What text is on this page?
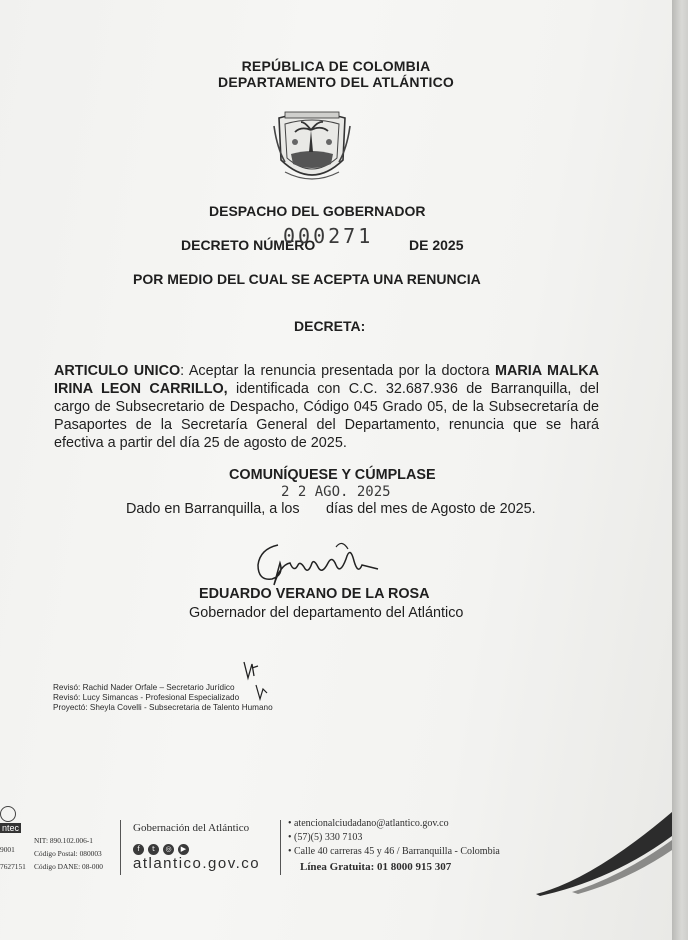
REPÚBLICA DE COLOMBIA
DEPARTAMENTO DEL ATLÁNTICO
DESPACHO DEL GOBERNADOR
DECRETO NÚMERO
000271	DE 2025
POR MEDIO DEL CUAL SE ACEPTA UNA RENUNCIA
DECRETA:
ARTICULO UNICO: Aceptar la renuncia presentada por la doctora MARIA MALKA IRINA LEON CARRILLO, identificada con C.C. 32.687.936 de Barranquilla, del cargo de Subsecretario de Despacho, Código 045 Grado 05, de la Subsecretaría de Pasaportes de la Secretaría General del Departamento, renuncia que se hará efectiva a partir del día 25 de agosto de 2025.
COMUNÍQUESE Y CÚMPLASE
2 2 AGO. 2025
Dado en Barranquilla, a los días del mes de Agosto de 2025.
EDUARDO VERANO DE LA ROSA
Gobernador del departamento del Atlántico
Revisó: Rachid Nader Orfale – Secretario Jurídico
Revisó: Lucy Simancas - Profesional Especializado
Proyectó: Sheyla Covelli - Subsecretaria de Talento Humano
ntec
9001
7627151
NIT: 890.102.006-1
Código Postal: 080003
Código DANE: 08-000
Gobernación del Atlántico
f t ◎ ▶
atlantico.gov.co
• atencionalciudadano@atlantico.gov.co
• (57)(5) 330 7103
• Calle 40 carreras 45 y 46 / Barranquilla - Colombia
Línea Gratuita: 01 8000 915 307
